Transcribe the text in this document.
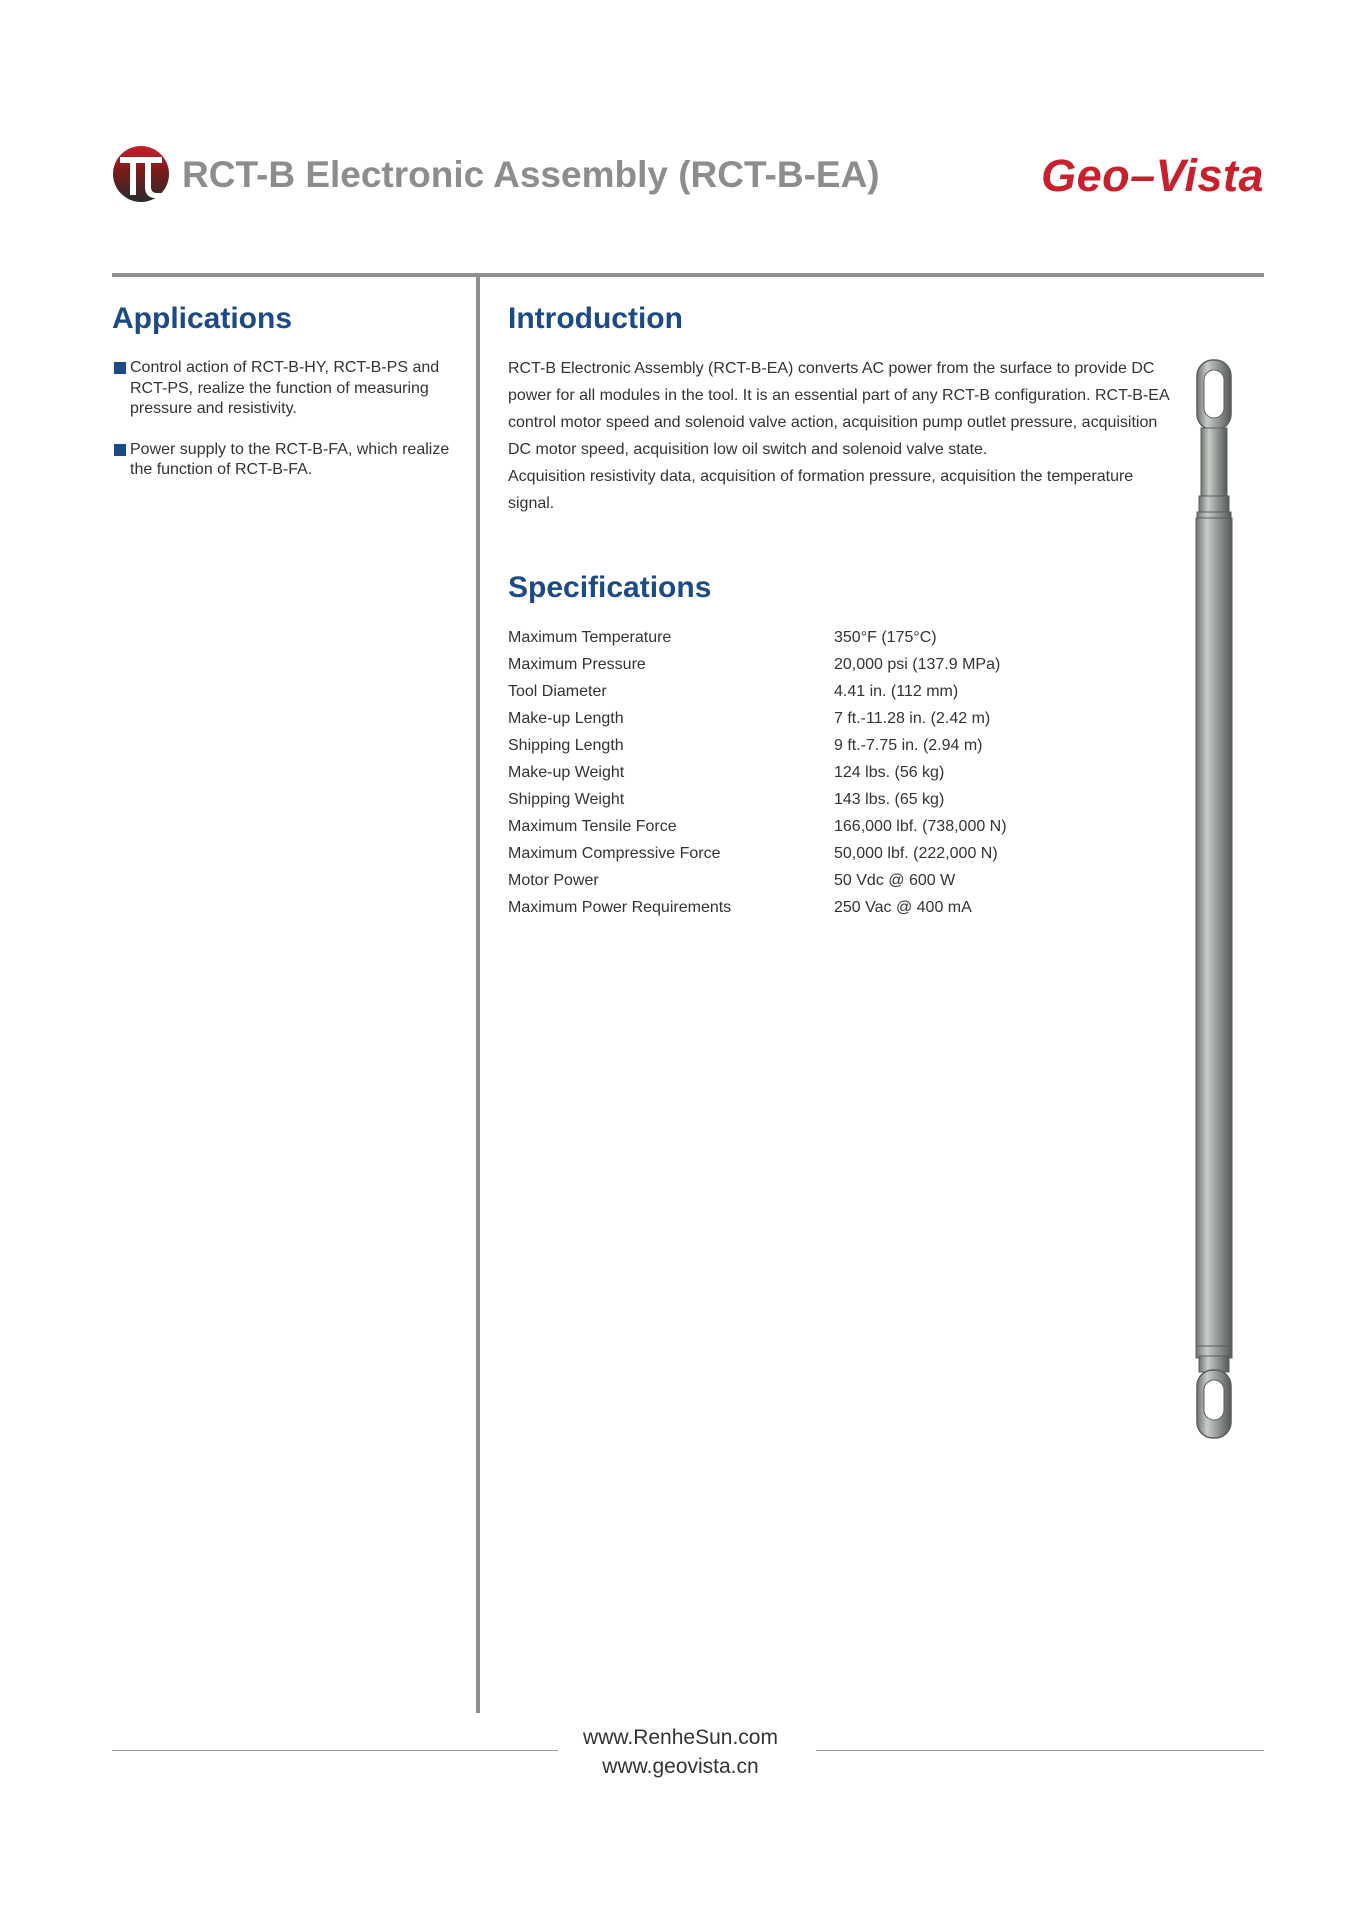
RCT-B Electronic Assembly (RCT-B-EA)	Geo–Vista
Applications
Control action of RCT-B-HY, RCT-B-PS and RCT-PS, realize the function of measuring pressure and resistivity.
Power supply to the RCT-B-FA, which realize the function of RCT-B-FA.
Introduction

RCT-B Electronic Assembly (RCT-B-EA) converts AC power from the surface to provide DC power for all modules in the tool. It is an essential part of any RCT-B configuration. RCT-B-EA control motor speed and solenoid valve action, acquisition pump outlet pressure, acquisition DC motor speed, acquisition low oil switch and solenoid valve state.

Acquisition resistivity data, acquisition of formation pressure, acquisition the temperature signal.

Specifications
Maximum Temperature	350°F (175°C)
Maximum Pressure	20,000 psi (137.9 MPa)
Tool Diameter	4.41 in. (112 mm)
Make-up Length	7 ft.-11.28 in. (2.42 m)
Shipping Length	9 ft.-7.75 in. (2.94 m)
Make-up Weight	124 lbs. (56 kg)
Shipping Weight	143 lbs. (65 kg)
Maximum Tensile Force	166,000 lbf. (738,000 N)
Maximum Compressive Force	50,000 lbf. (222,000 N)
Motor Power	50 Vdc @ 600 W
Maximum Power Requirements	250 Vac @ 400 mA
www.RenheSun.com
www.geovista.cn
